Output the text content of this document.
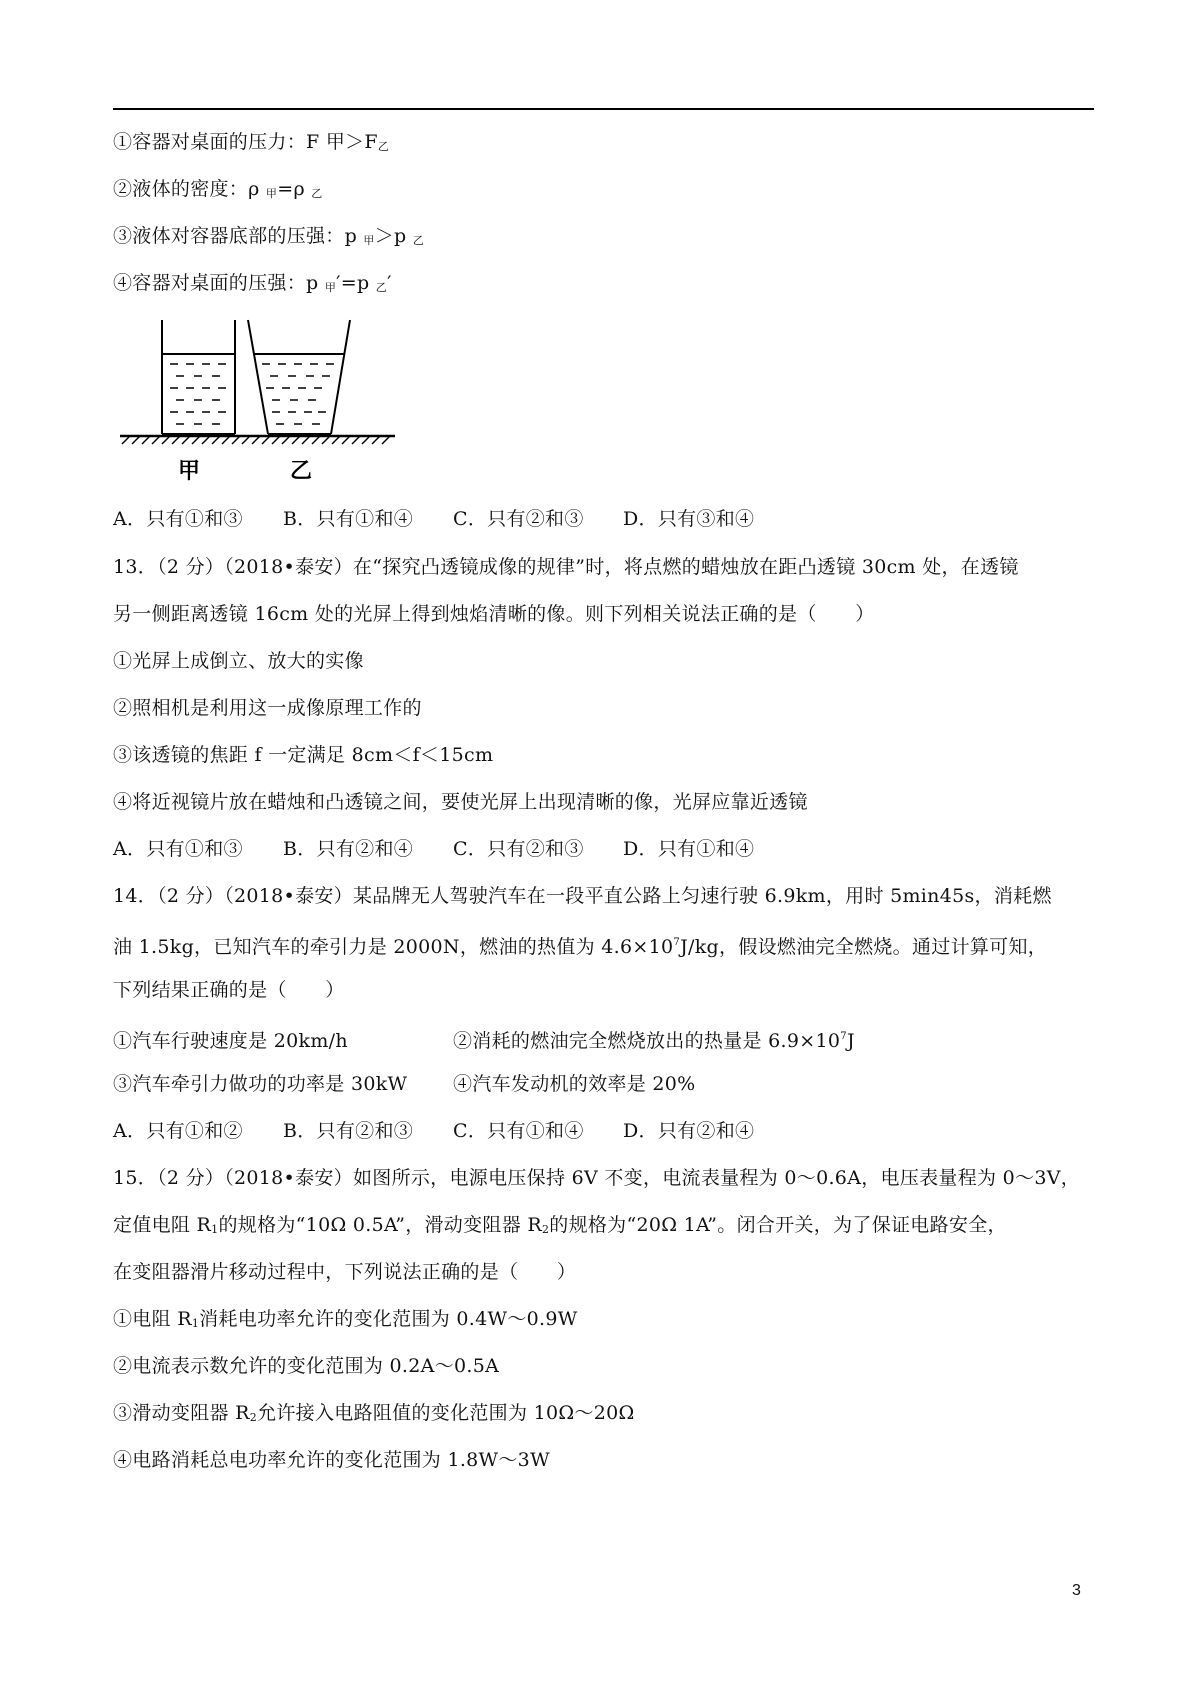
①容器对桌面的压力：F 甲＞F乙
②液体的密度：ρ 甲=ρ 乙
③液体对容器底部的压强：p 甲＞p 乙
④容器对桌面的压强：p 甲′=p 乙′
甲	乙
A．只有①和③ B．只有①和④ C．只有②和③ D．只有③和④
13．（2 分）（2018•泰安）在“探究凸透镜成像的规律”时，将点燃的蜡烛放在距凸透镜 30cm 处，在透镜
另一侧距离透镜 16cm 处的光屏上得到烛焰清晰的像。则下列相关说法正确的是（　　）
①光屏上成倒立、放大的实像
②照相机是利用这一成像原理工作的
③该透镜的焦距 f 一定满足 8cm＜f＜15cm
④将近视镜片放在蜡烛和凸透镜之间，要使光屏上出现清晰的像，光屏应靠近透镜
A．只有①和③ B．只有②和④ C．只有②和③ D．只有①和④
14．（2 分）（2018•泰安）某品牌无人驾驶汽车在一段平直公路上匀速行驶 6.9km，用时 5min45s，消耗燃
油 1.5kg，已知汽车的牵引力是 2000N，燃油的热值为 $4.6\times 10^7J/kg$，假设燃油完全燃烧。通过计算可知，
下列结果正确的是（　　）
①汽车行驶速度是 20km/h	②消耗的燃油完全燃烧放出的热量是 $6.9\times 10^7J$
③汽车牵引力做功的功率是 30kW ④汽车发动机的效率是 20%
A．只有①和② B．只有②和③ C．只有①和④ D．只有②和④
15．（2 分）（2018•泰安）如图所示，电源电压保持 6V 不变，电流表量程为 0～0.6A，电压表量程为 0～3V，
定值电阻 R1的规格为“10Ω 0.5A”，滑动变阻器 R2的规格为“20Ω 1A”。闭合开关，为了保证电路安全，
在变阻器滑片移动过程中，下列说法正确的是（　　）
①电阻 R1消耗电功率允许的变化范围为 0.4W～0.9W
②电流表示数允许的变化范围为 0.2A～0.5A
③滑动变阻器 R2允许接入电路阻值的变化范围为 10Ω～20Ω
④电路消耗总电功率允许的变化范围为 1.8W～3W
3
